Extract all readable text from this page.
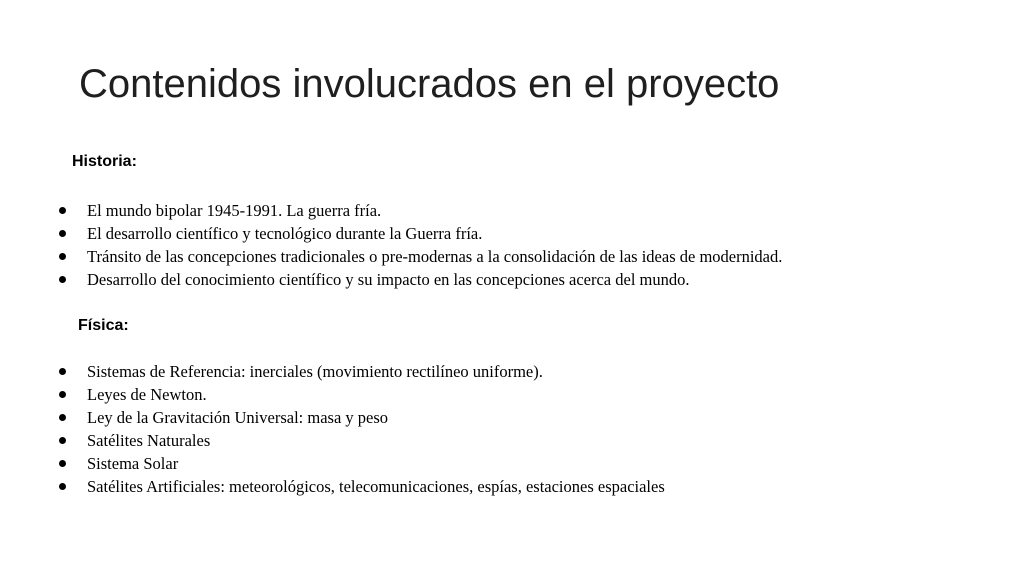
Contenidos involucrados en el proyecto
Historia:
El mundo bipolar 1945-1991. La guerra fría.
El desarrollo científico y tecnológico durante la Guerra fría.
Tránsito de las concepciones tradicionales o pre-modernas a la consolidación de las ideas de modernidad.
Desarrollo del conocimiento científico y su impacto en las concepciones acerca del mundo.
Física:
Sistemas de Referencia: inerciales (movimiento rectilíneo uniforme).
Leyes de Newton.
Ley de la Gravitación Universal: masa y peso
Satélites Naturales
Sistema Solar
Satélites Artificiales: meteorológicos, telecomunicaciones, espías, estaciones espaciales
